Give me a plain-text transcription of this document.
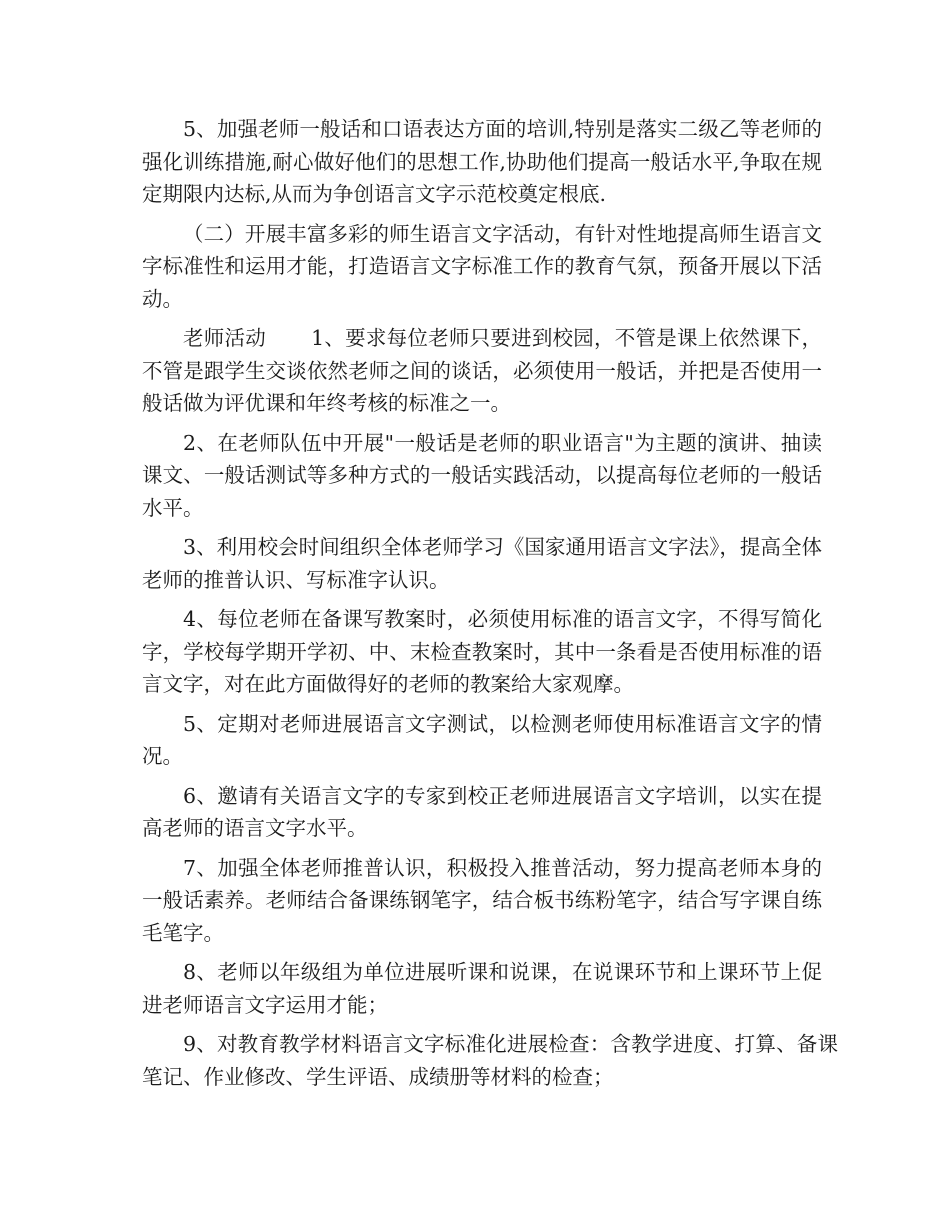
5、加强老师一般话和口语表达方面的培训,特别是落实二级乙等老师的强化训练措施,耐心做好他们的思想工作,协助他们提高一般话水平,争取在规定期限内达标,从而为争创语言文字示范校奠定根底.

（二）开展丰富多彩的师生语言文字活动，有针对性地提高师生语言文字标准性和运用才能，打造语言文字标准工作的教育气氛，预备开展以下活动。

老师活动 1、要求每位老师只要进到校园，不管是课上依然课下，不管是跟学生交谈依然老师之间的谈话，必须使用一般话，并把是否使用一般话做为评优课和年终考核的标准之一。

2、在老师队伍中开展"一般话是老师的职业语言"为主题的演讲、抽读课文、一般话测试等多种方式的一般话实践活动，以提高每位老师的一般话水平。

3、利用校会时间组织全体老师学习《国家通用语言文字法》，提高全体老师的推普认识、写标准字认识。

4、每位老师在备课写教案时，必须使用标准的语言文字，不得写简化字，学校每学期开学初、中、末检查教案时，其中一条看是否使用标准的语言文字，对在此方面做得好的老师的教案给大家观摩。

5、定期对老师进展语言文字测试，以检测老师使用标准语言文字的情况。

6、邀请有关语言文字的专家到校正老师进展语言文字培训，以实在提高老师的语言文字水平。

7、加强全体老师推普认识，积极投入推普活动，努力提高老师本身的一般话素养。老师结合备课练钢笔字，结合板书练粉笔字，结合写字课自练毛笔字。

8、老师以年级组为单位进展听课和说课，在说课环节和上课环节上促进老师语言文字运用才能；

9、对教育教学材料语言文字标准化进展检查：含教学进度、打算、备课笔记、作业修改、学生评语、成绩册等材料的检查；
